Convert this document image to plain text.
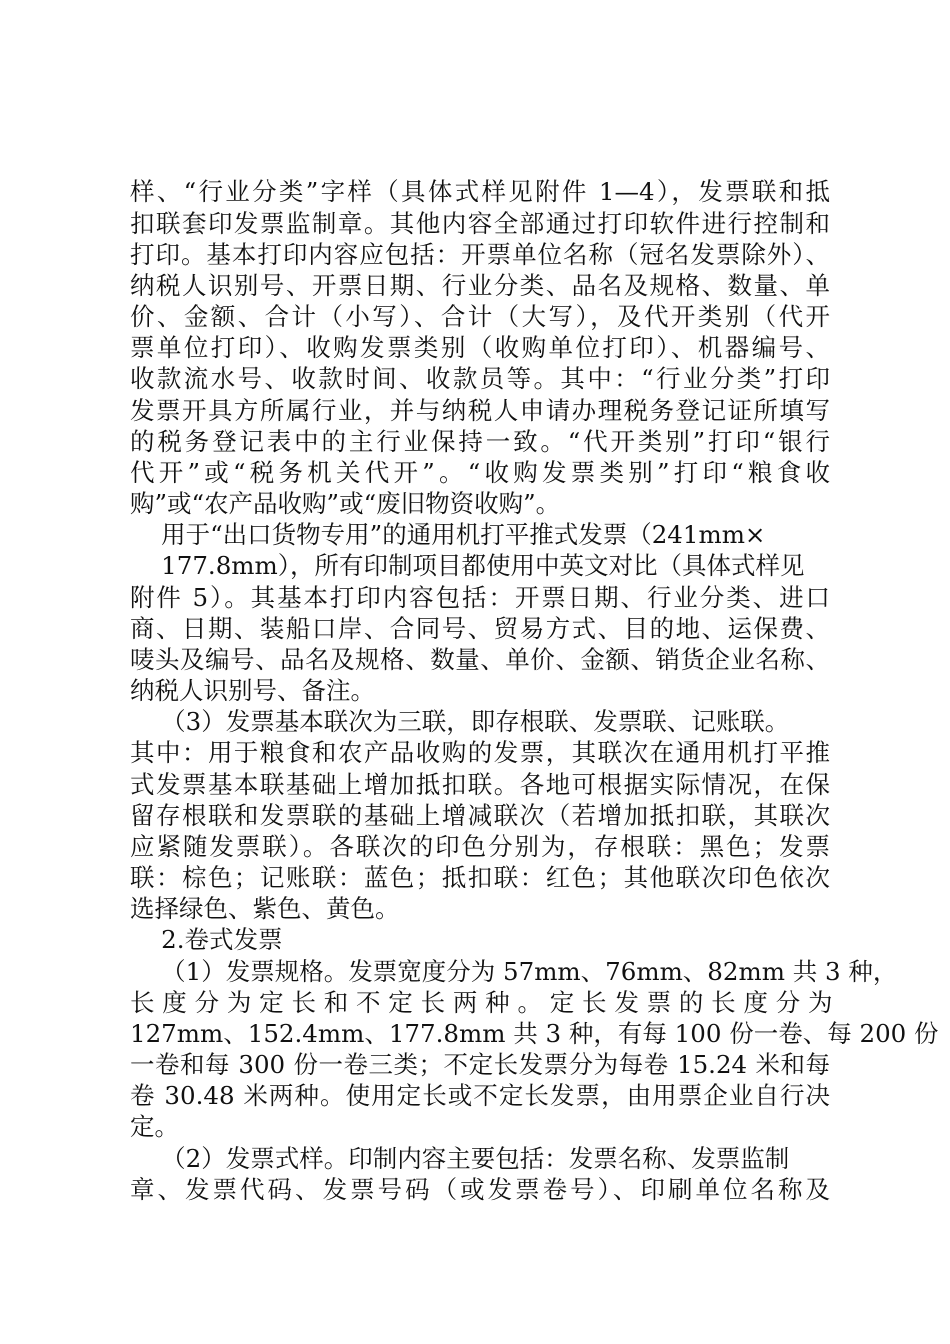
样、“行业分类”字样（具体式样见附件 1—4），发票联和抵
扣联套印发票监制章。其他内容全部通过打印软件进行控制和
打印。基本打印内容应包括：开票单位名称（冠名发票除外）、
纳税人识别号、开票日期、行业分类、品名及规格、数量、单
价、金额、合计（小写）、合计（大写），及代开类别（代开
票单位打印）、收购发票类别（收购单位打印）、机器编号、
收款流水号、收款时间、收款员等。其中：“行业分类”打印
发票开具方所属行业，并与纳税人申请办理税务登记证所填写
的税务登记表中的主行业保持一致。“代开类别”打印“银行
代开”或“税务机关代开”。“收购发票类别”打印“粮食收
购”或“农产品收购”或“废旧物资收购”。
用于“出口货物专用”的通用机打平推式发票（241mm×
177.8mm），所有印制项目都使用中英文对比（具体式样见
附件 5）。其基本打印内容包括：开票日期、行业分类、进口
商、日期、装船口岸、合同号、贸易方式、目的地、运保费、
唛头及编号、品名及规格、数量、单价、金额、销货企业名称、
纳税人识别号、备注。
（3）发票基本联次为三联，即存根联、发票联、记账联。
其中：用于粮食和农产品收购的发票，其联次在通用机打平推
式发票基本联基础上增加抵扣联。各地可根据实际情况，在保
留存根联和发票联的基础上增减联次（若增加抵扣联，其联次
应紧随发票联）。各联次的印色分别为，存根联：黑色；发票
联：棕色；记账联：蓝色；抵扣联：红色；其他联次印色依次
选择绿色、紫色、黄色。
2.卷式发票
（1）发票规格。发票宽度分为 57mm、76mm、82mm 共 3 种，
长 度 分 为 定 长 和 不 定 长 两 种 。 定 长 发 票 的 长 度 分 为
127mm、152.4mm、177.8mm 共 3 种，有每 100 份一卷、每 200 份
一卷和每 300 份一卷三类；不定长发票分为每卷 15.24 米和每
卷 30.48 米两种。使用定长或不定长发票，由用票企业自行决
定。
（2）发票式样。印制内容主要包括：发票名称、发票监制
章、发票代码、发票号码（或发票卷号）、印刷单位名称及
